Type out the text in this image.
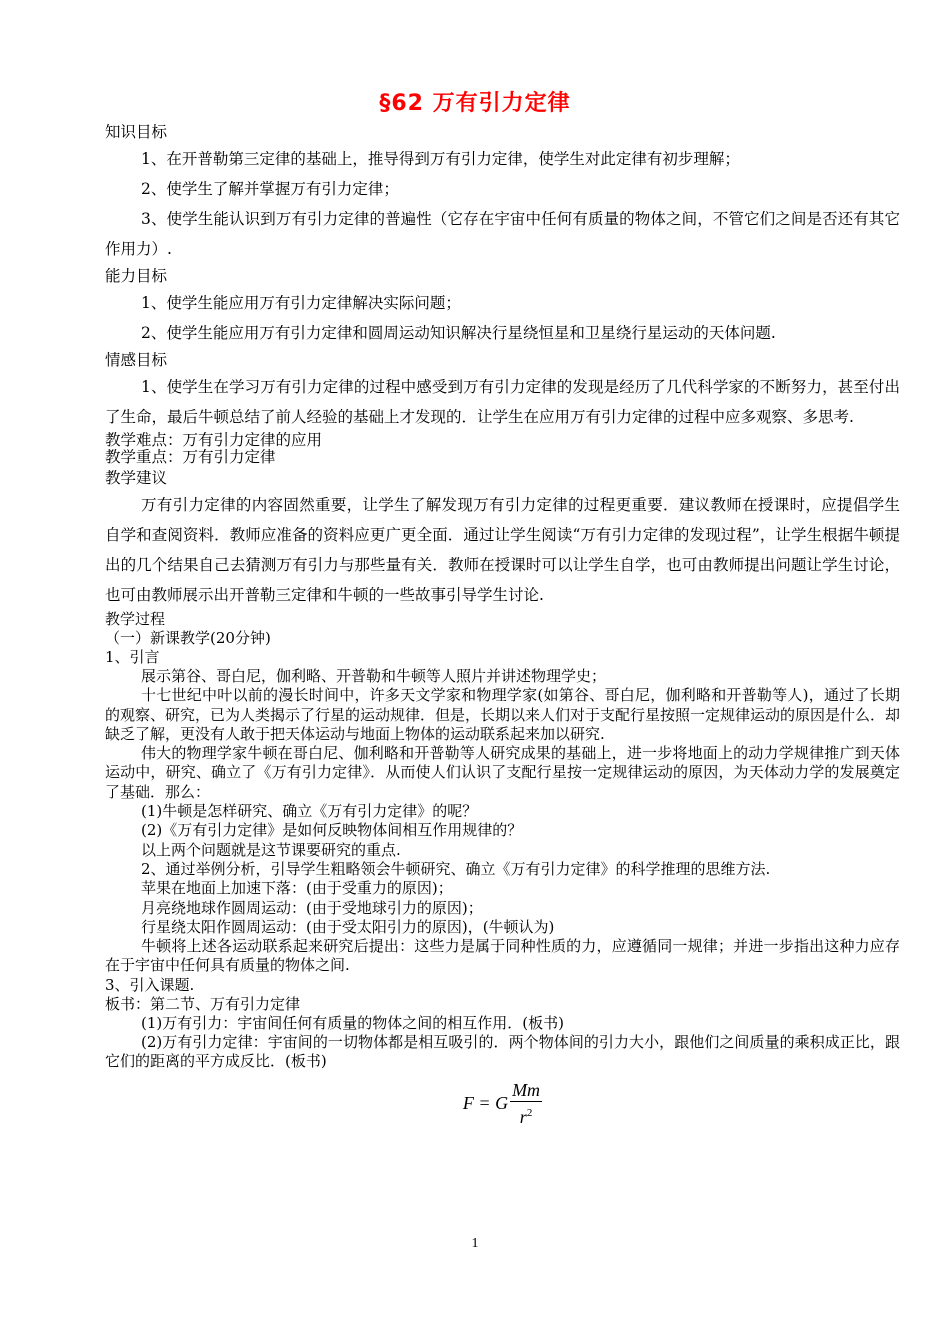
§62 万有引力定律
知识目标
1、在开普勒第三定律的基础上，推导得到万有引力定律，使学生对此定律有初步理解；
2、使学生了解并掌握万有引力定律；
3、使学生能认识到万有引力定律的普遍性（它存在宇宙中任何有质量的物体之间，不管它们之间是否还有其它作用力）.
能力目标
1、使学生能应用万有引力定律解决实际问题；
2、使学生能应用万有引力定律和圆周运动知识解决行星绕恒星和卫星绕行星运动的天体问题.
情感目标
1、使学生在学习万有引力定律的过程中感受到万有引力定律的发现是经历了几代科学家的不断努力，甚至付出了生命，最后牛顿总结了前人经验的基础上才发现的．让学生在应用万有引力定律的过程中应多观察、多思考.
教学难点：万有引力定律的应用
教学重点：万有引力定律
教学建议
万有引力定律的内容固然重要，让学生了解发现万有引力定律的过程更重要．建议教师在授课时，应提倡学生自学和查阅资料．教师应准备的资料应更广更全面．通过让学生阅读“万有引力定律的发现过程”，让学生根据牛顿提出的几个结果自己去猜测万有引力与那些量有关．教师在授课时可以让学生自学，也可由教师提出问题让学生讨论，也可由教师展示出开普勒三定律和牛顿的一些故事引导学生讨论.
教学过程
（一）新课教学(20分钟)
1、引言
展示第谷、哥白尼，伽利略、开普勒和牛顿等人照片并讲述物理学史；
十七世纪中叶以前的漫长时间中，许多天文学家和物理学家(如第谷、哥白尼，伽利略和开普勒等人)，通过了长期的观察、研究，已为人类揭示了行星的运动规律．但是，长期以来人们对于支配行星按照一定规律运动的原因是什么．却缺乏了解，更没有人敢于把天体运动与地面上物体的运动联系起来加以研究.
伟大的物理学家牛顿在哥白尼、伽利略和开普勒等人研究成果的基础上，进一步将地面上的动力学规律推广到天体运动中，研究、确立了《万有引力定律》．从而使人们认识了支配行星按一定规律运动的原因，为天体动力学的发展奠定了基础．那么：
(1)牛顿是怎样研究、确立《万有引力定律》的呢？
(2)《万有引力定律》是如何反映物体间相互作用规律的？
以上两个问题就是这节课要研究的重点.
2、通过举例分析，引导学生粗略领会牛顿研究、确立《万有引力定律》的科学推理的思维方法.
苹果在地面上加速下落：(由于受重力的原因)；
月亮绕地球作圆周运动：(由于受地球引力的原因)；
行星绕太阳作圆周运动：(由于受太阳引力的原因)，(牛顿认为)
牛顿将上述各运动联系起来研究后提出：这些力是属于同种性质的力，应遵循同一规律；并进一步指出这种力应存在于宇宙中任何具有质量的物体之间.
3、引入课题.
板书：第二节、万有引力定律
(1)万有引力：宇宙间任何有质量的物体之间的相互作用．(板书)
(2)万有引力定律：宇宙间的一切物体都是相互吸引的．两个物体间的引力大小，跟他们之间质量的乘积成正比，跟它们的距离的平方成反比．(板书)
F = G $\frac{Mm}{r^2}$
1
